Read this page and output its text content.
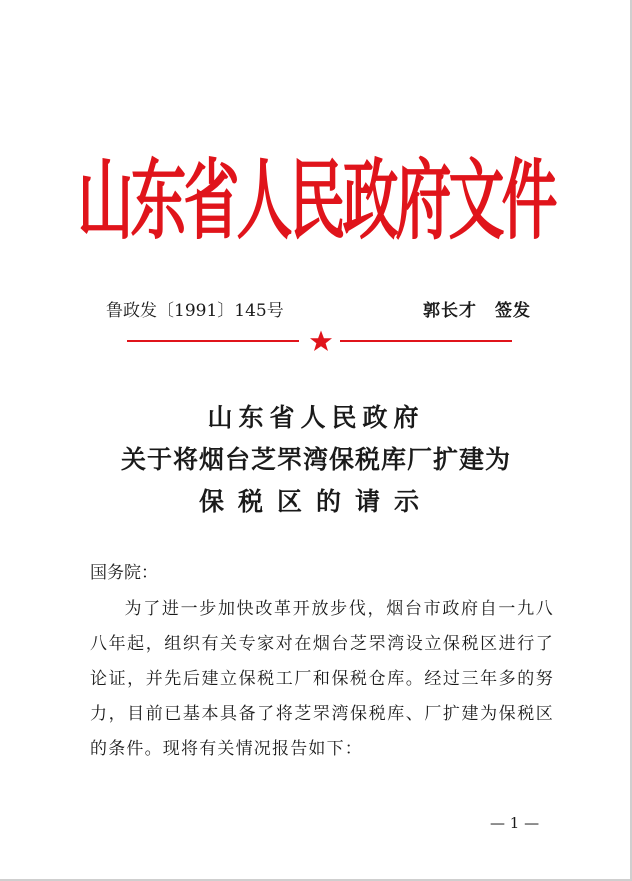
山东省人民政府文件
鲁政发〔1991〕145号	郭长才 签发
山东省人民政府
关于将烟台芝罘湾保税库厂扩建为
保税区的请示
国务院：
为了进一步加快改革开放步伐，烟台市政府自一九八八年起，组织有关专家对在烟台芝罘湾设立保税区进行了论证，并先后建立保税工厂和保税仓库。经过三年多的努力，目前已基本具备了将芝罘湾保税库、厂扩建为保税区的条件。现将有关情况报告如下：
— 1 —
